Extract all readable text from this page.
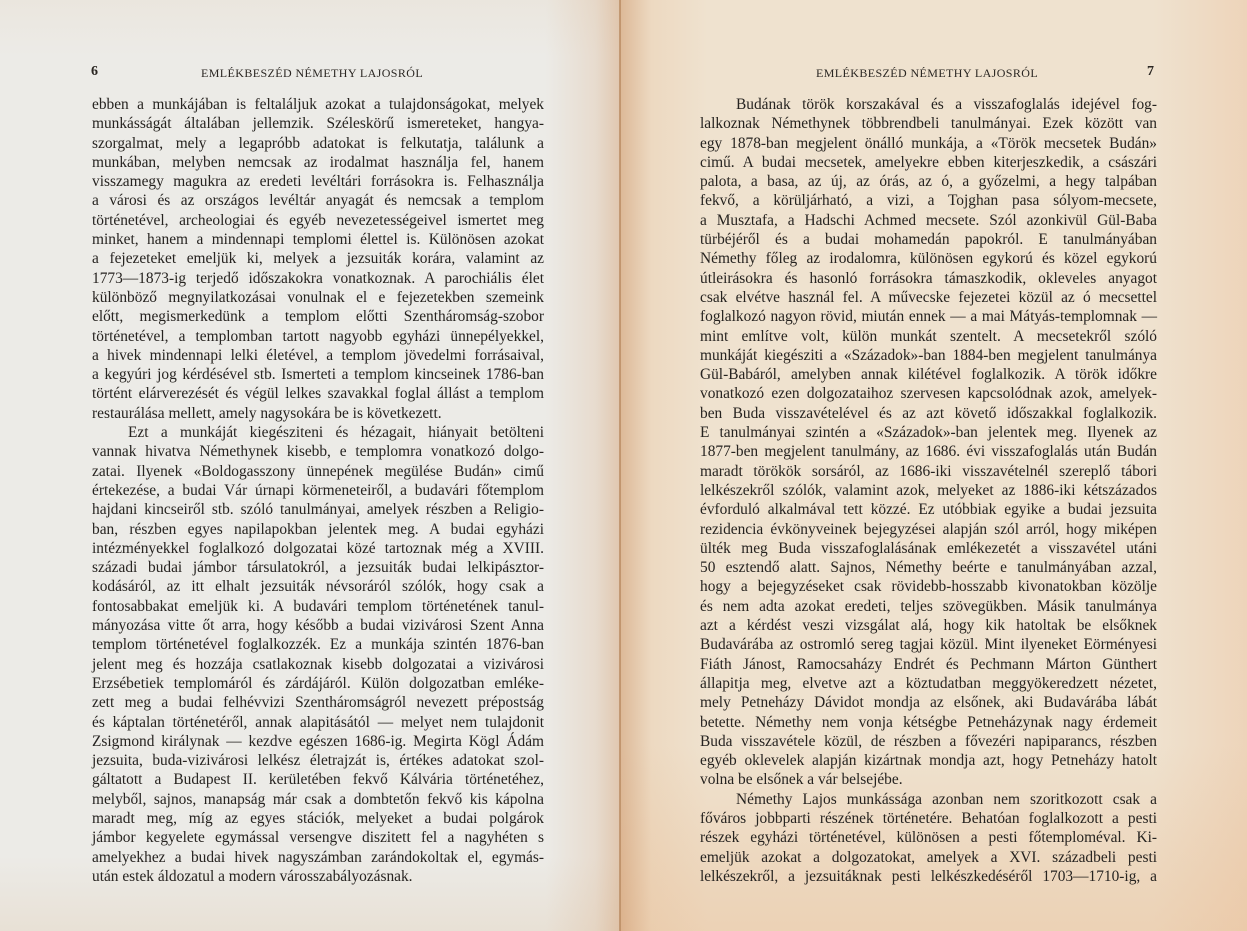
6	EMLÉKBESZÉD NÉMETHY LAJOSRÓL
ebben a munkájában is feltaláljuk azokat a tulajdonságokat, melyek
munkásságát általában jellemzik. Széleskörű ismereteket, hangya-
szorgalmat, mely a legapróbb adatokat is felkutatja, találunk a
munkában, melyben nemcsak az irodalmat használja fel, hanem
visszamegy magukra az eredeti levéltári forrásokra is. Felhasználja
a városi és az országos levéltár anyagát és nemcsak a templom
történetével, archeologiai és egyéb nevezetességeivel ismertet meg
minket, hanem a mindennapi templomi élettel is. Különösen azokat
a fejezeteket emeljük ki, melyek a jezsuiták korára, valamint az
1773—1873-ig terjedő időszakokra vonatkoznak. A parochiális élet
különböző megnyilatkozásai vonulnak el e fejezetekben szemeink
előtt, megismerkedünk a templom előtti Szentháromság-szobor
történetével, a templomban tartott nagyobb egyházi ünnepélyekkel,
a hivek mindennapi lelki életével, a templom jövedelmi forrásaival,
a kegyúri jog kérdésével stb. Ismerteti a templom kincseinek 1786-ban
történt elárverezését és végül lelkes szavakkal foglal állást a templom
restaurálása mellett, amely nagysokára be is következett.
Ezt a munkáját kiegésziteni és hézagait, hiányait betölteni
vannak hivatva Némethynek kisebb, e templomra vonatkozó dolgo-
zatai. Ilyenek «Boldogasszony ünnepének megülése Budán» cimű
értekezése, a budai Vár úrnapi körmeneteiről, a budavári főtemplom
hajdani kincseiről stb. szóló tanulmányai, amelyek részben a Religio-
ban, részben egyes napilapokban jelentek meg. A budai egyházi
intézményekkel foglalkozó dolgozatai közé tartoznak még a XVIII.
századi budai jámbor társulatokról, a jezsuiták budai lelkipásztor-
kodásáról, az itt elhalt jezsuiták névsoráról szólók, hogy csak a
fontosabbakat emeljük ki. A budavári templom történetének tanul-
mányozása vitte őt arra, hogy később a budai vizivárosi Szent Anna
templom történetével foglalkozzék. Ez a munkája szintén 1876-ban
jelent meg és hozzája csatlakoznak kisebb dolgozatai a vizivárosi
Erzsébetiek templomáról és zárdájáról. Külön dolgozatban emléke-
zett meg a budai felhévvizi Szentháromságról nevezett prépostság
és káptalan történetéről, annak alapitásától — melyet nem tulajdonit
Zsigmond királynak — kezdve egészen 1686-ig. Megirta Kögl Ádám
jezsuita, buda-vizivárosi lelkész életrajzát is, értékes adatokat szol-
gáltatott a Budapest II. kerületében fekvő Kálvária történetéhez,
melyből, sajnos, manapság már csak a dombtetőn fekvő kis kápolna
maradt meg, míg az egyes stációk, melyeket a budai polgárok
jámbor kegyelete egymással versengve diszitett fel a nagyhéten s
amelyekhez a budai hivek nagyszámban zarándokoltak el, egymás-
után estek áldozatul a modern városszabályozásnak.
EMLÉKBESZÉD NÉMETHY LAJOSRÓL	7
Budának török korszakával és a visszafoglalás idejével fog-
lalkoznak Némethynek többrendbeli tanulmányai. Ezek között van
egy 1878-ban megjelent önálló munkája, a «Török mecsetek Budán»
cimű. A budai mecsetek, amelyekre ebben kiterjeszkedik, a császári
palota, a basa, az új, az órás, az ó, a győzelmi, a hegy talpában
fekvő, a körüljárható, a vizi, a Tojghan pasa sólyom-mecsete,
a Musztafa, a Hadschi Achmed mecsete. Szól azonkivül Gül-Baba
türbéjéről és a budai mohamedán papokról. E tanulmányában
Némethy főleg az irodalomra, különösen egykorú és közel egykorú
útleirásokra és hasonló forrásokra támaszkodik, okleveles anyagot
csak elvétve használ fel. A művecske fejezetei közül az ó mecsettel
foglalkozó nagyon rövid, miután ennek — a mai Mátyás-templomnak —
mint említve volt, külön munkát szentelt. A mecsetekről szóló
munkáját kiegésziti a «Századok»-ban 1884-ben megjelent tanulmánya
Gül-Babáról, amelyben annak kilétével foglalkozik. A török időkre
vonatkozó ezen dolgozataihoz szervesen kapcsolódnak azok, amelyek-
ben Buda visszavételével és az azt követő időszakkal foglalkozik.
E tanulmányai szintén a «Századok»-ban jelentek meg. Ilyenek az
1877-ben megjelent tanulmány, az 1686. évi visszafoglalás után Budán
maradt törökök sorsáról, az 1686-iki visszavételnél szereplő tábori
lelkészekről szólók, valamint azok, melyeket az 1886-iki kétszázados
évforduló alkalmával tett közzé. Ez utóbbiak egyike a budai jezsuita
rezidencia évkönyveinek bejegyzései alapján szól arról, hogy miképen
ülték meg Buda visszafoglalásának emlékezetét a visszavétel utáni
50 esztendő alatt. Sajnos, Némethy beérte e tanulmányában azzal,
hogy a bejegyzéseket csak rövidebb-hosszabb kivonatokban közölje
és nem adta azokat eredeti, teljes szövegükben. Másik tanulmánya
azt a kérdést veszi vizsgálat alá, hogy kik hatoltak be elsőknek
Budavárába az ostromló sereg tagjai közül. Mint ilyeneket Eörményesi
Fiáth Jánost, Ramocsaházy Endrét és Pechmann Márton Günthert
állapitja meg, elvetve azt a köztudatban meggyökeredzett nézetet,
mely Petneházy Dávidot mondja az elsőnek, aki Budavárába lábát
betette. Némethy nem vonja kétségbe Petneházynak nagy érdemeit
Buda visszavétele közül, de részben a fővezéri napiparancs, részben
egyéb oklevelek alapján kizártnak mondja azt, hogy Petneházy hatolt
volna be elsőnek a vár belsejébe.
Némethy Lajos munkássága azonban nem szoritkozott csak a
főváros jobbparti részének történetére. Behatóan foglalkozott a pesti
részek egyházi történetével, különösen a pesti főtemploméval. Ki-
emeljük azokat a dolgozatokat, amelyek a XVI. századbeli pesti
lelkészekről, a jezsuitáknak pesti lelkészkedéséről 1703—1710-ig, a
